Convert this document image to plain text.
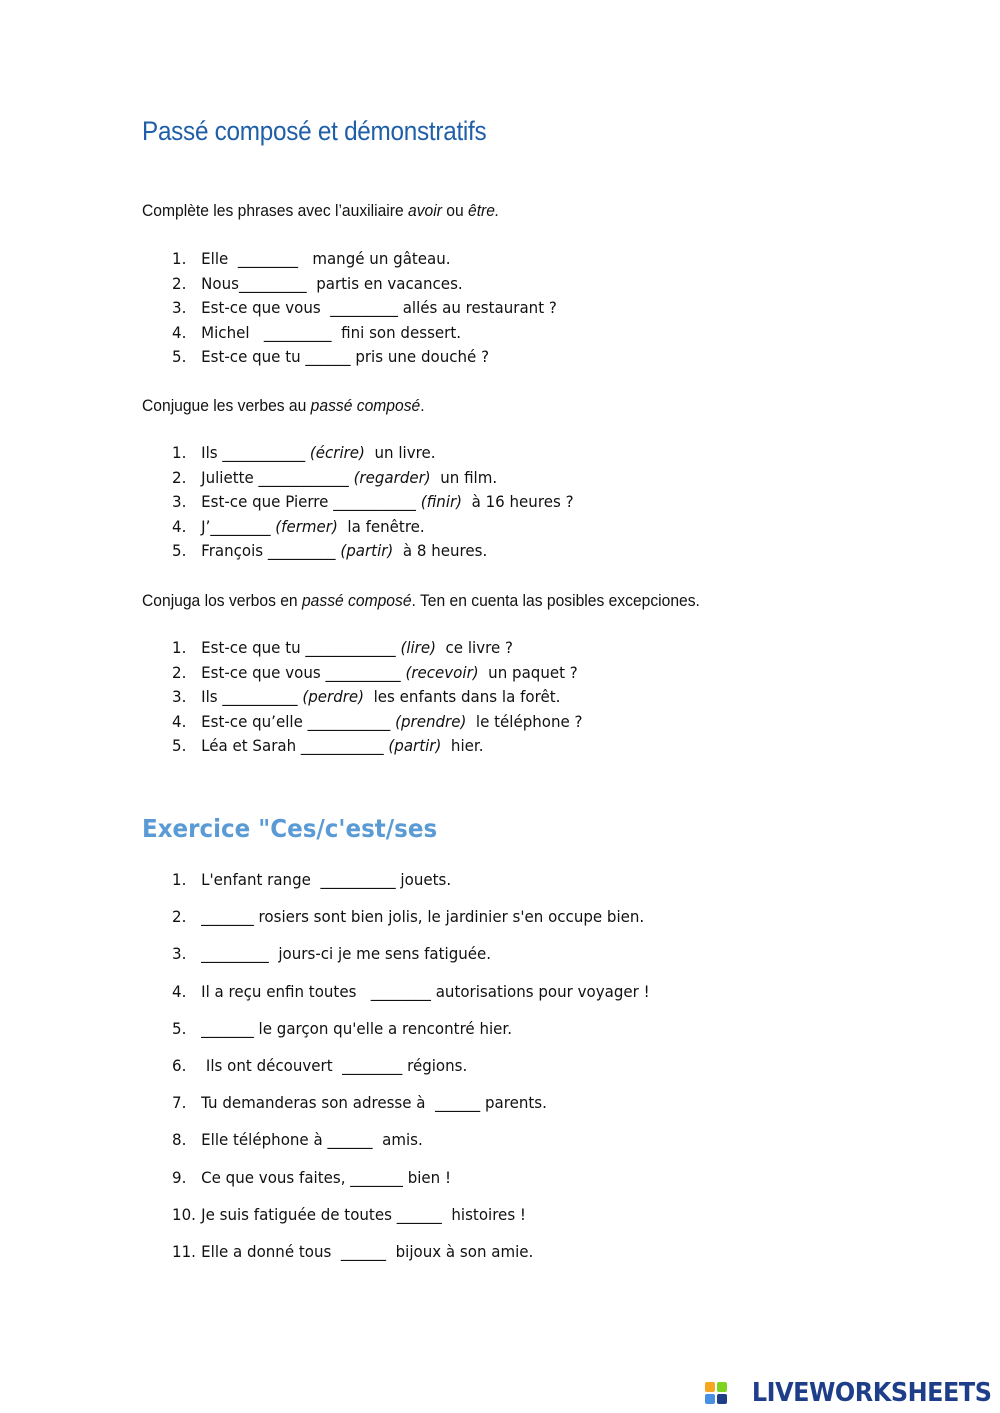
Passé composé et démonstratifs
Complète les phrases avec l’auxiliaire avoir ou être.
1. Elle  ________   mangé un gâteau.
2. Nous_________  partis en vacances.
3. Est-ce que vous  _________ allés au restaurant ?
4. Michel   _________  fini son dessert.
5. Est-ce que tu ______ pris une douché ?
Conjugue les verbes au passé composé.
1. Ils ___________ (écrire) un livre.
2. Juliette ____________ (regarder) un film.
3. Est-ce que Pierre ___________ (finir) à 16 heures ?
4. J’________ (fermer) la fenêtre.
5. François _________ (partir) à 8 heures.
Conjuga los verbos en passé composé. Ten en cuenta las posibles excepciones.
1. Est-ce que tu ____________ (lire) ce livre ?
2. Est-ce que vous __________ (recevoir) un paquet ?
3. Ils __________ (perdre) les enfants dans la forêt.
4. Est-ce qu’elle ___________ (prendre) le téléphone ?
5. Léa et Sarah ___________ (partir) hier.
Exercice "Ces/c'est/ses
1. L'enfant range  __________ jouets.
2. _______ rosiers sont bien jolis, le jardinier s'en occupe bien.
3. _________  jours-ci je me sens fatiguée.
4. Il a reçu enfin toutes   ________ autorisations pour voyager !
5. _______ le garçon qu'elle a rencontré hier.
6. Ils ont découvert  ________ régions.
7. Tu demanderas son adresse à  ______ parents.
8. Elle téléphone à ______  amis.
9. Ce que vous faites, _______ bien !
10. Je suis fatiguée de toutes ______  histoires !
11. Elle a donné tous  ______  bijoux à son amie.
LIVEWORKSHEETS
